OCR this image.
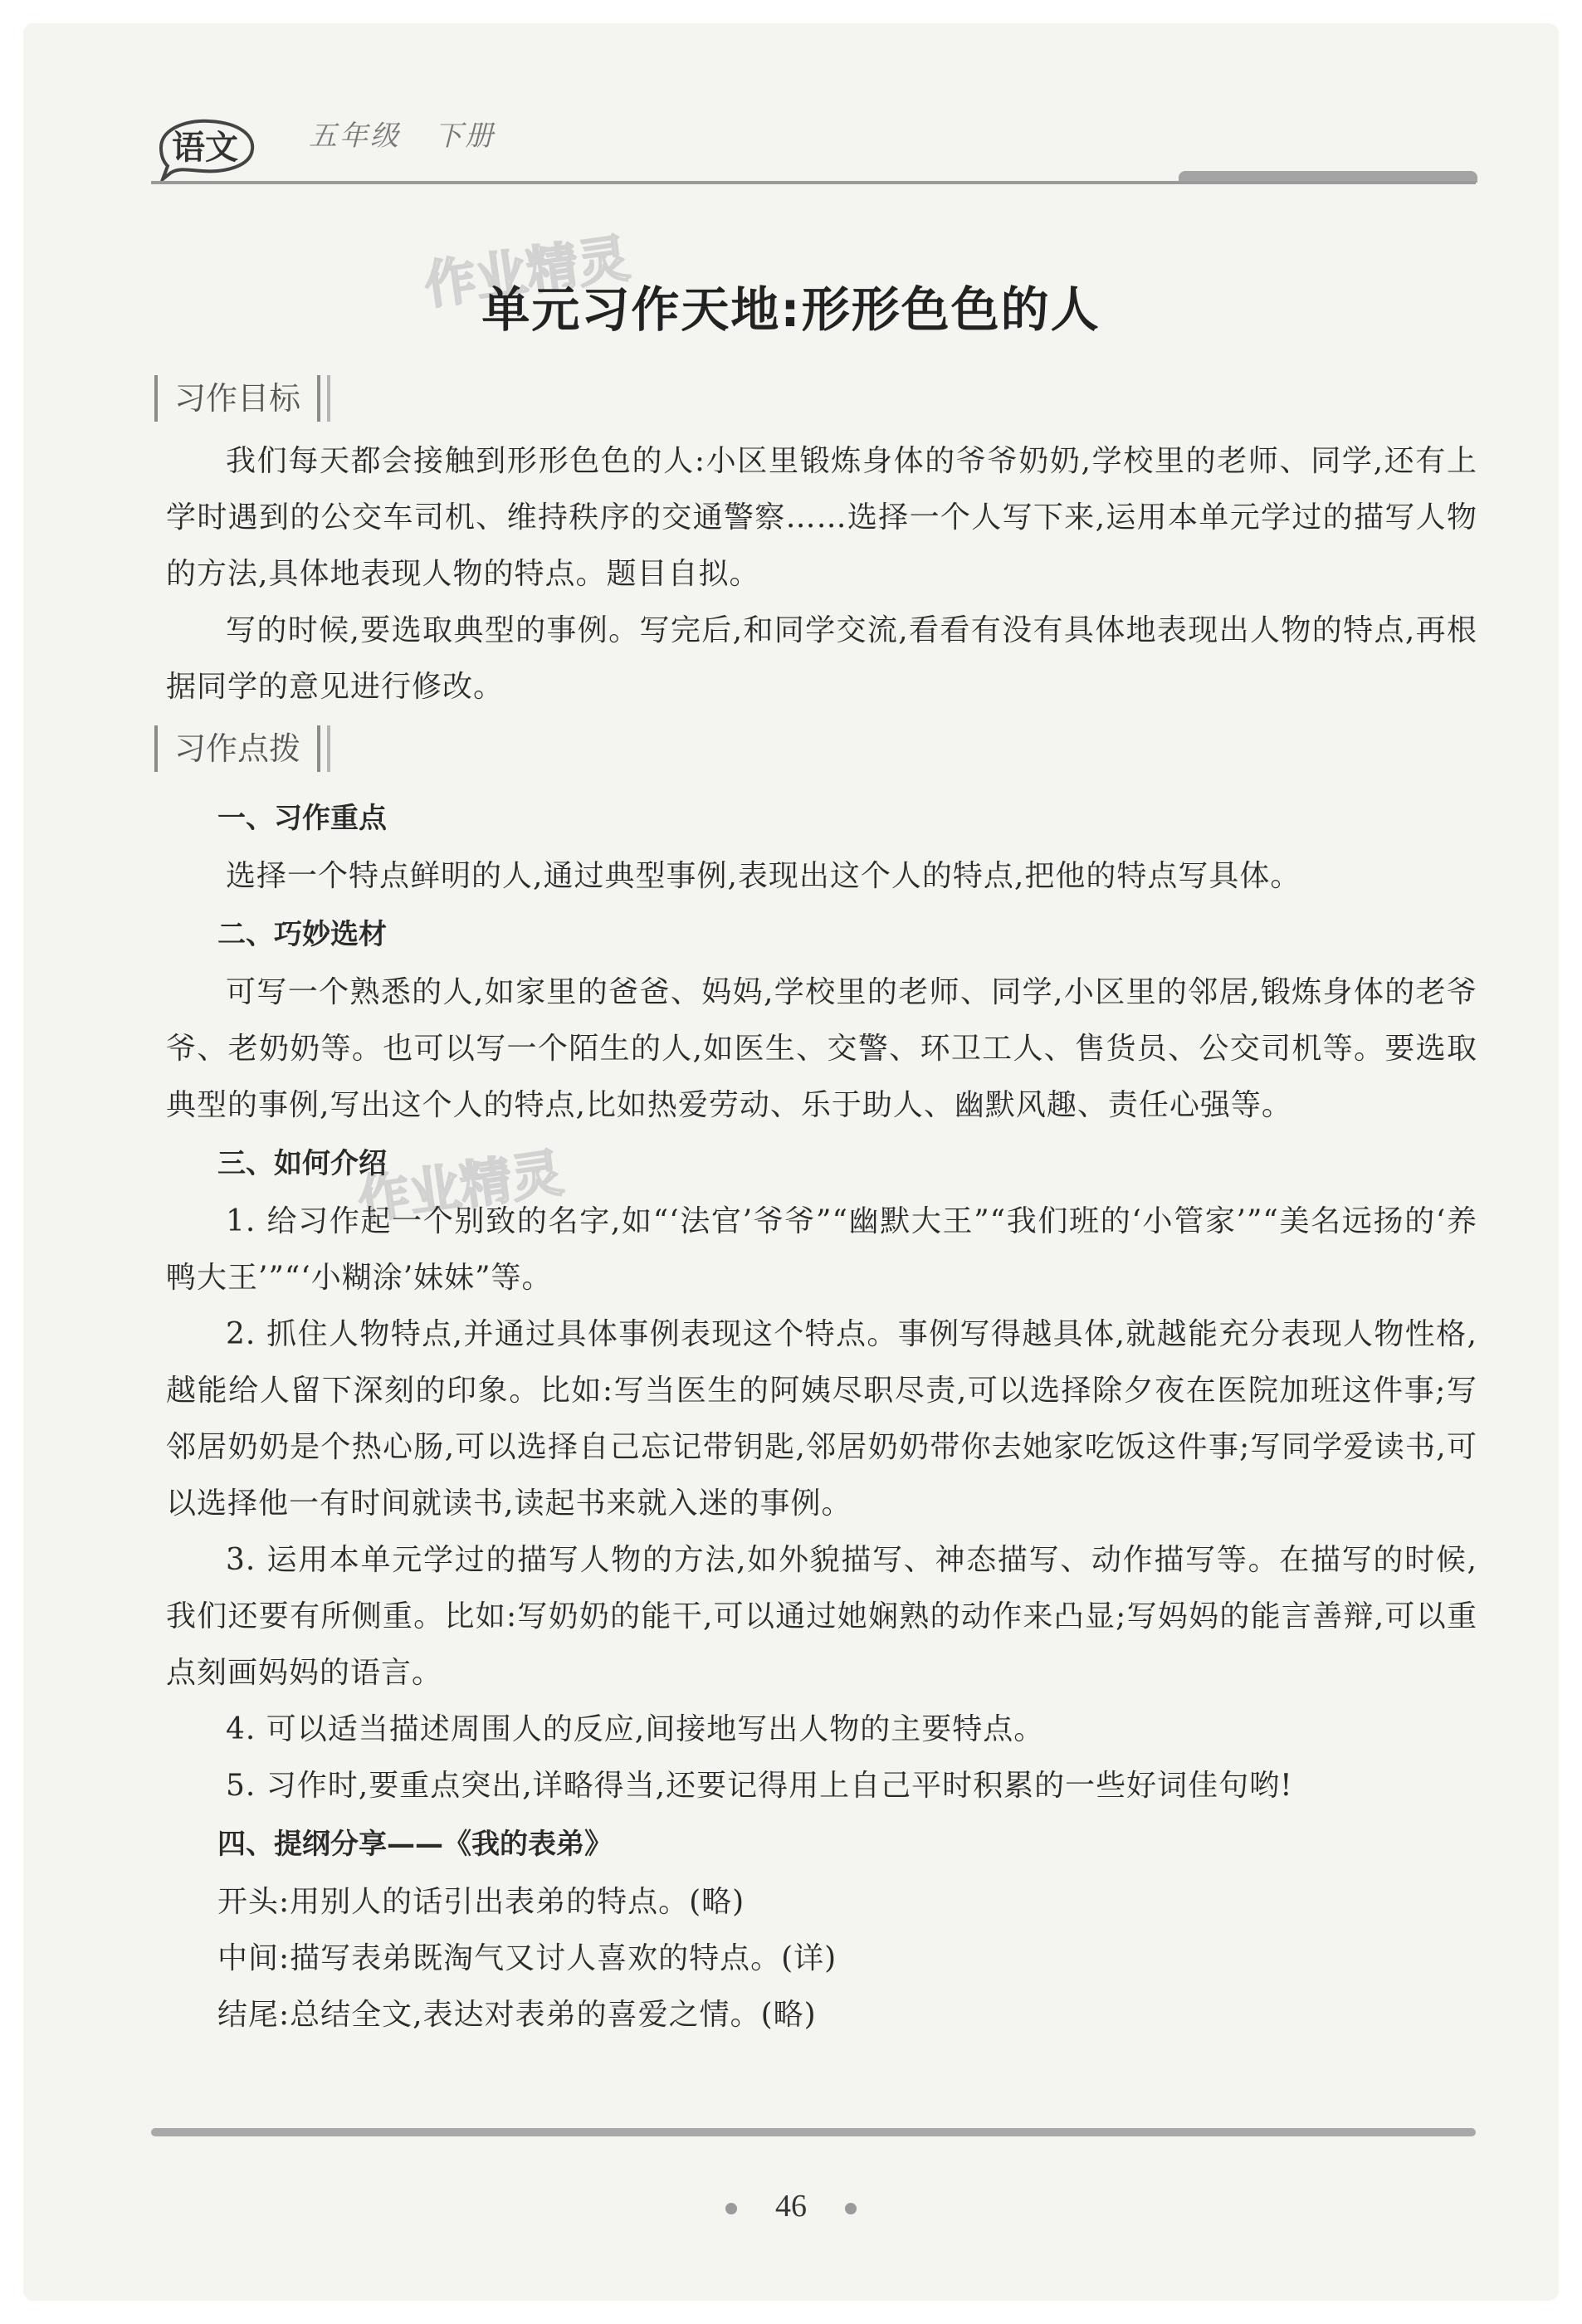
语文	五年级 下册
作业精灵
作业精灵
单元习作天地:形形色色的人
习作目标

我们每天都会接触到形形色色的人:小区里锻炼身体的爷爷奶奶,学校里的老师、同学,还有上学时遇到的公交车司机、维持秩序的交通警察……选择一个人写下来,运用本单元学过的描写人物的方法,具体地表现人物的特点。题目自拟。

写的时候,要选取典型的事例。写完后,和同学交流,看看有没有具体地表现出人物的特点,再根据同学的意见进行修改。

习作点拨

一、习作重点

选择一个特点鲜明的人,通过典型事例,表现出这个人的特点,把他的特点写具体。

二、巧妙选材

可写一个熟悉的人,如家里的爸爸、妈妈,学校里的老师、同学,小区里的邻居,锻炼身体的老爷爷、老奶奶等。也可以写一个陌生的人,如医生、交警、环卫工人、售货员、公交司机等。要选取典型的事例,写出这个人的特点,比如热爱劳动、乐于助人、幽默风趣、责任心强等。

三、如何介绍

1. 给习作起一个别致的名字,如“‘法官’爷爷”“幽默大王”“我们班的‘小管家’”“美名远扬的‘养鸭大王’”“‘小糊涂’妹妹”等。

2. 抓住人物特点,并通过具体事例表现这个特点。事例写得越具体,就越能充分表现人物性格,越能给人留下深刻的印象。比如:写当医生的阿姨尽职尽责,可以选择除夕夜在医院加班这件事;写邻居奶奶是个热心肠,可以选择自己忘记带钥匙,邻居奶奶带你去她家吃饭这件事;写同学爱读书,可以选择他一有时间就读书,读起书来就入迷的事例。

3. 运用本单元学过的描写人物的方法,如外貌描写、神态描写、动作描写等。在描写的时候,我们还要有所侧重。比如:写奶奶的能干,可以通过她娴熟的动作来凸显;写妈妈的能言善辩,可以重点刻画妈妈的语言。

4. 可以适当描述周围人的反应,间接地写出人物的主要特点。

5. 习作时,要重点突出,详略得当,还要记得用上自己平时积累的一些好词佳句哟!

四、提纲分享——《我的表弟》

开头:用别人的话引出表弟的特点。(略)

中间:描写表弟既淘气又讨人喜欢的特点。(详)

结尾:总结全文,表达对表弟的喜爱之情。(略)

46
